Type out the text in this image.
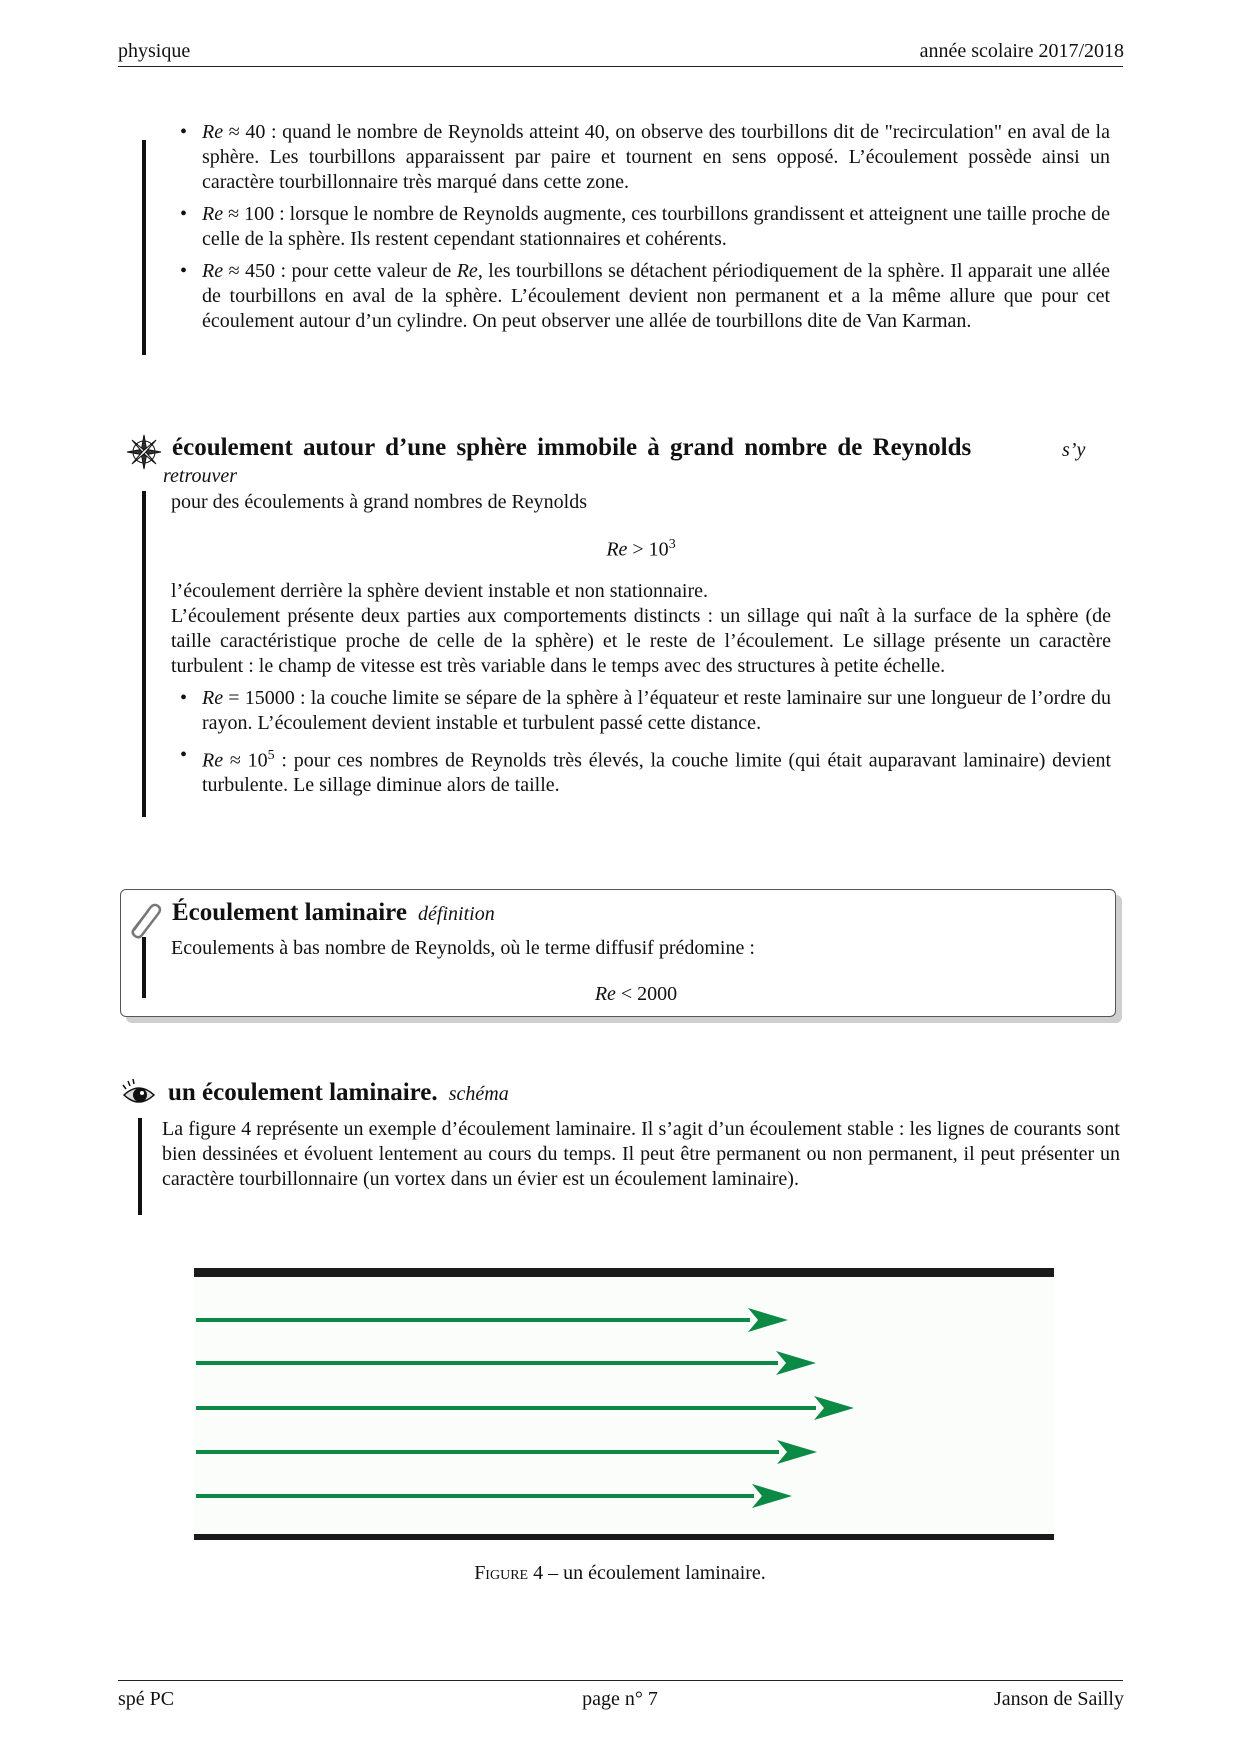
physique	année scolaire 2017/2018
• Re ≈ 40 : quand le nombre de Reynolds atteint 40, on observe des tourbillons dit de "recirculation" en aval de la sphère. Les tourbillons apparaissent par paire et tournent en sens opposé. L’écoulement possède ainsi un caractère tourbillonnaire très marqué dans cette zone.
• Re ≈ 100 : lorsque le nombre de Reynolds augmente, ces tourbillons grandissent et atteignent une taille proche de celle de la sphère. Ils restent cependant stationnaires et cohérents.
• Re ≈ 450 : pour cette valeur de Re, les tourbillons se détachent périodiquement de la sphère. Il apparait une allée de tourbillons en aval de la sphère. L’écoulement devient non permanent et a la même allure que pour cet écoulement autour d’un cylindre. On peut observer une allée de tourbillons dite de Van Karman.
écoulement autour d’une sphère immobile à grand nombre de Reynolds	s’y
retrouver
pour des écoulements à grand nombres de Reynolds
$Re > 10^3$
l’écoulement derrière la sphère devient instable et non stationnaire.
L’écoulement présente deux parties aux comportements distincts : un sillage qui naît à la surface de la sphère (de taille caractéristique proche de celle de la sphère) et le reste de l’écoulement. Le sillage présente un caractère turbulent : le champ de vitesse est très variable dans le temps avec des structures à petite échelle.
• Re = 15000 : la couche limite se sépare de la sphère à l’équateur et reste laminaire sur une longueur de l’ordre du rayon. L’écoulement devient instable et turbulent passé cette distance.
• $Re \approx 10^5$ : pour ces nombres de Reynolds très élevés, la couche limite (qui était auparavant laminaire) devient turbulente. Le sillage diminue alors de taille.
Écoulement laminaire définition
Ecoulements à bas nombre de Reynolds, où le terme diffusif prédomine :
Re < 2000
un écoulement laminaire. schéma
La figure 4 représente un exemple d’écoulement laminaire. Il s’agit d’un écoulement stable : les lignes de courants sont bien dessinées et évoluent lentement au cours du temps. Il peut être permanent ou non permanent, il peut présenter un caractère tourbillonnaire (un vortex dans un évier est un écoulement laminaire).
Figure 4 – un écoulement laminaire.
spé PC	page n° 7	Janson de Sailly
